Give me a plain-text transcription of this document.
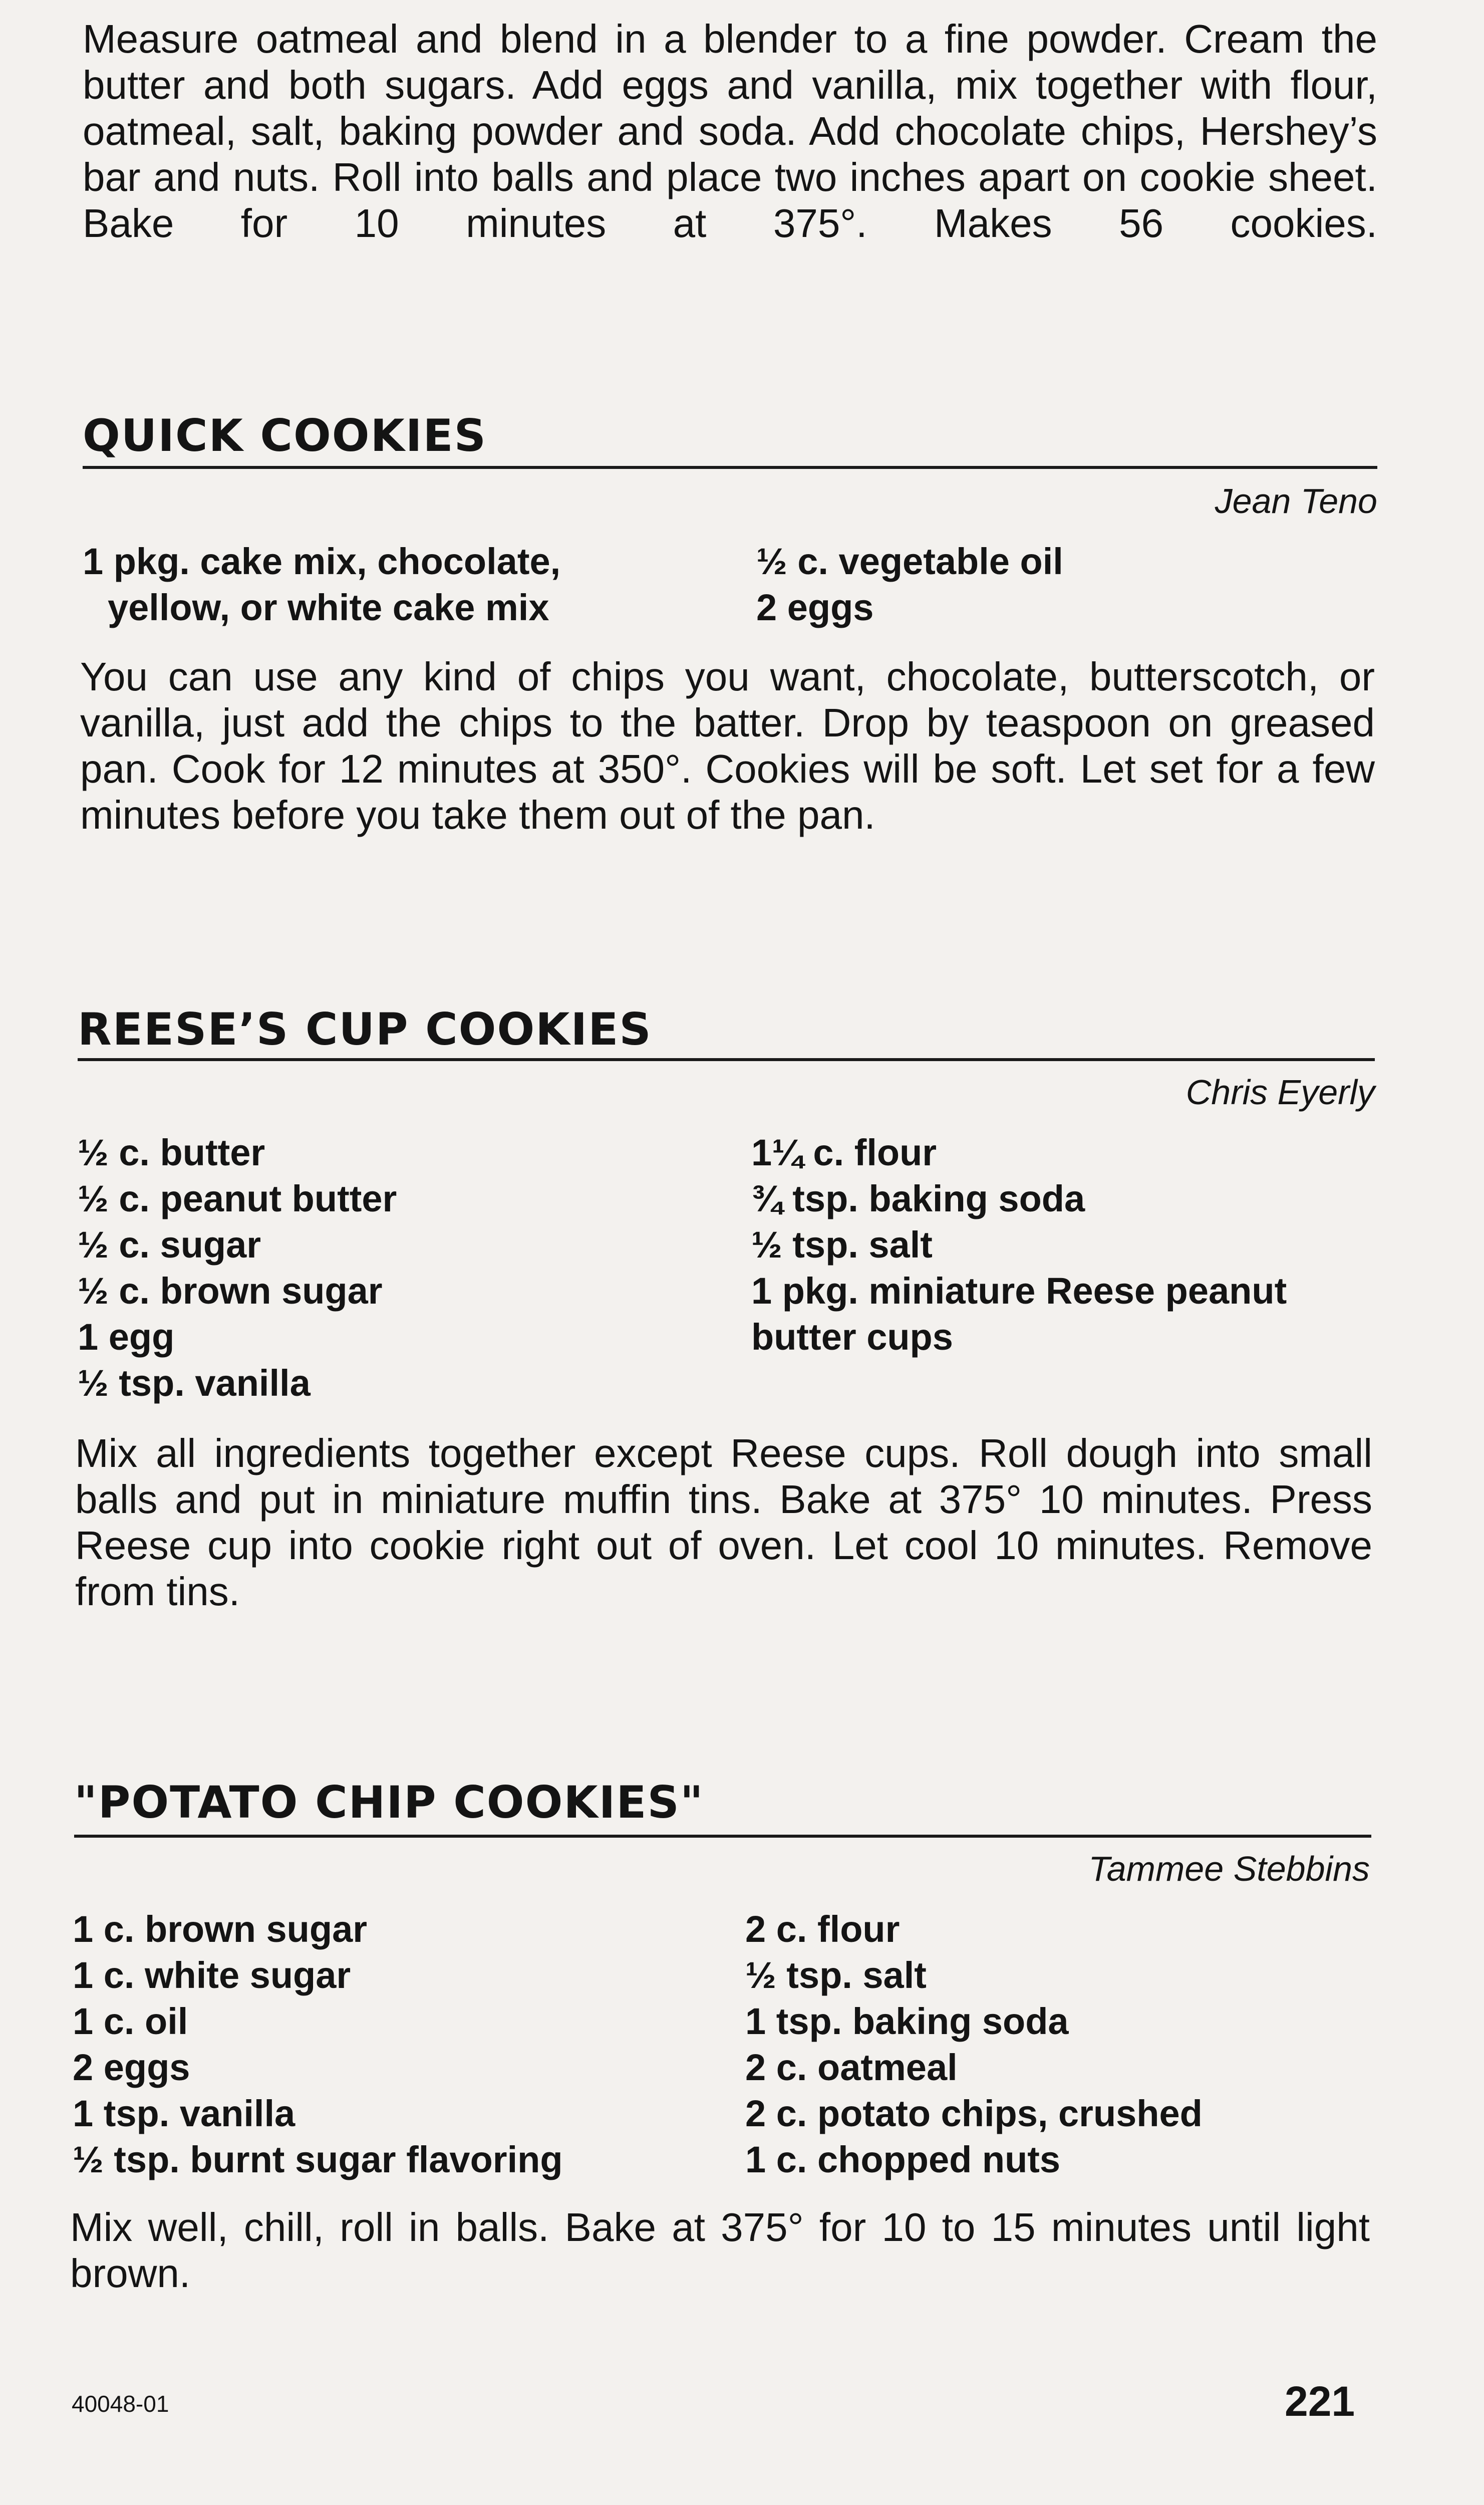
Measure oatmeal and blend in a blender to a fine powder. Cream the butter and both sugars. Add eggs and vanilla, mix together with flour, oatmeal, salt, baking powder and soda. Add chocolate chips, Hershey’s bar and nuts. Roll into balls and place two inches apart on cookie sheet. Bake for 10 minutes at 375°. Makes 56 cookies.

QUICK COOKIES
Jean Teno
1 pkg. cake mix, chocolate,
yellow, or white cake mix
½ c. vegetable oil
2 eggs

You can use any kind of chips you want, chocolate, butterscotch, or vanilla, just add the chips to the batter. Drop by teaspoon on greased pan. Cook for 12 minutes at 350°. Cookies will be soft. Let set for a few minutes before you take them out of the pan.

REESE’S CUP COOKIES
Chris Eyerly
½ c. butter
½ c. peanut butter
½ c. sugar
½ c. brown sugar
1 egg
½ tsp. vanilla
1¼ c. flour
¾ tsp. baking soda
½ tsp. salt
1 pkg. miniature Reese peanut
butter cups

Mix all ingredients together except Reese cups. Roll dough into small balls and put in miniature muffin tins. Bake at 375° 10 minutes. Press Reese cup into cookie right out of oven. Let cool 10 minutes. Remove from tins.

"POTATO CHIP COOKIES"
Tammee Stebbins
1 c. brown sugar
1 c. white sugar
1 c. oil
2 eggs
1 tsp. vanilla
½ tsp. burnt sugar flavoring
2 c. flour
½ tsp. salt
1 tsp. baking soda
2 c. oatmeal
2 c. potato chips, crushed
1 c. chopped nuts

Mix well, chill, roll in balls. Bake at 375° for 10 to 15 minutes until light brown.

40048-01	221
